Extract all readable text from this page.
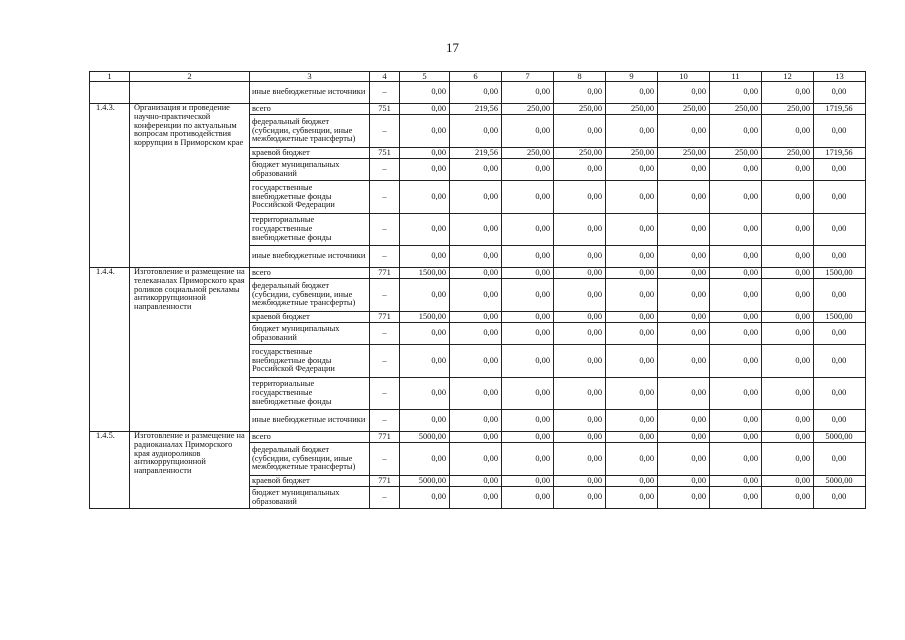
17
1	2	3	4	5	6	7	8	9	10	11	12	13
		иные внебюджетные источники	–	0,00	0,00	0,00	0,00	0,00	0,00	0,00	0,00	0,00
1.4.3.	Организация и проведение научно-практической конференции по актуальным вопросам противодействия коррупции в Приморском крае	всего	751	0,00	219,56	250,00	250,00	250,00	250,00	250,00	250,00	1719,56
		федеральный бюджет (субсидии, субвенции, иные межбюджетные трансферты)	–	0,00	0,00	0,00	0,00	0,00	0,00	0,00	0,00	0,00
		краевой бюджет	751	0,00	219,56	250,00	250,00	250,00	250,00	250,00	250,00	1719,56
		бюджет муниципальных образований	–	0,00	0,00	0,00	0,00	0,00	0,00	0,00	0,00	0,00
		государственные внебюджетные фонды Российской Федерации	–	0,00	0,00	0,00	0,00	0,00	0,00	0,00	0,00	0,00
		территориальные государственные внебюджетные фонды	–	0,00	0,00	0,00	0,00	0,00	0,00	0,00	0,00	0,00
		иные внебюджетные источники	–	0,00	0,00	0,00	0,00	0,00	0,00	0,00	0,00	0,00
1.4.4.	Изготовление и размещение на телеканалах Приморского края роликов социальной рекламы антикоррупционной направленности	всего	771	1500,00	0,00	0,00	0,00	0,00	0,00	0,00	0,00	1500,00
		федеральный бюджет (субсидии, субвенции, иные межбюджетные трансферты)	–	0,00	0,00	0,00	0,00	0,00	0,00	0,00	0,00	0,00
		краевой бюджет	771	1500,00	0,00	0,00	0,00	0,00	0,00	0,00	0,00	1500,00
		бюджет муниципальных образований	–	0,00	0,00	0,00	0,00	0,00	0,00	0,00	0,00	0,00
		государственные внебюджетные фонды Российской Федерации	–	0,00	0,00	0,00	0,00	0,00	0,00	0,00	0,00	0,00
		территориальные государственные внебюджетные фонды	–	0,00	0,00	0,00	0,00	0,00	0,00	0,00	0,00	0,00
		иные внебюджетные источники	–	0,00	0,00	0,00	0,00	0,00	0,00	0,00	0,00	0,00
1.4.5.	Изготовление и размещение на радиоканалах Приморского края аудиороликов антикоррупционной направленности	всего	771	5000,00	0,00	0,00	0,00	0,00	0,00	0,00	0,00	5000,00
		федеральный бюджет (субсидии, субвенции, иные межбюджетные трансферты)	–	0,00	0,00	0,00	0,00	0,00	0,00	0,00	0,00	0,00
		краевой бюджет	771	5000,00	0,00	0,00	0,00	0,00	0,00	0,00	0,00	5000,00
		бюджет муниципальных образований	–	0,00	0,00	0,00	0,00	0,00	0,00	0,00	0,00	0,00
